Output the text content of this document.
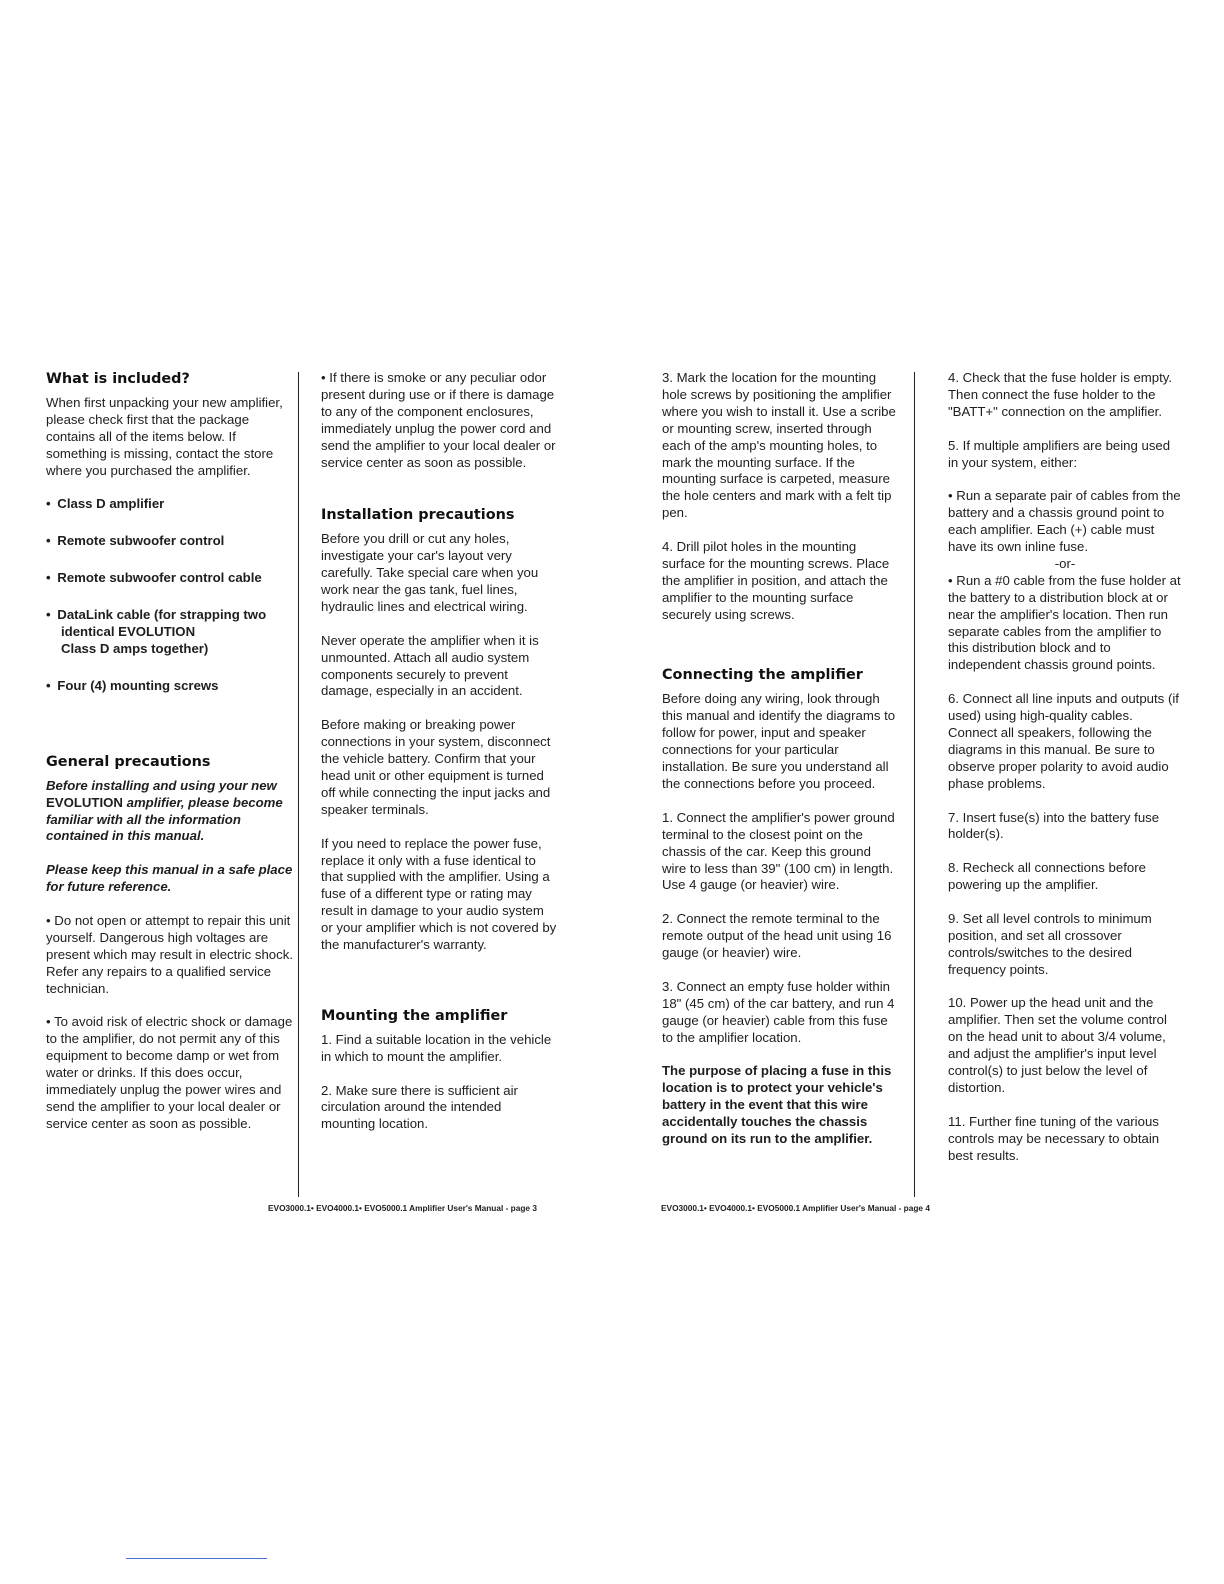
What is included?

When first unpacking your new amplifier, please check first that the package contains all of the items below. If something is missing, contact the store where you purchased the amplifier.

• Class D amplifier
• Remote subwoofer control
• Remote subwoofer control cable
• DataLink cable (for strapping two
identical EVOLUTION
Class D amps together)
• Four (4) mounting screws
General precautions

Before installing and using your new EVOLUTION amplifier, please become familiar with all the information contained in this manual.

Please keep this manual in a safe place for future reference.

• Do not open or attempt to repair this unit yourself. Dangerous high voltages are present which may result in electric shock. Refer any repairs to a qualified service technician.

• To avoid risk of electric shock or damage to the amplifier, do not permit any of this equipment to become damp or wet from water or drinks. If this does occur, immediately unplug the power wires and send the amplifier to your local dealer or service center as soon as possible.

• If there is smoke or any peculiar odor present during use or if there is damage to any of the component enclosures, immediately unplug the power cord and send the amplifier to your local dealer or service center as soon as possible.

Installation precautions

Before you drill or cut any holes, investigate your car's layout very carefully. Take special care when you work near the gas tank, fuel lines, hydraulic lines and electrical wiring.

Never operate the amplifier when it is unmounted. Attach all audio system components securely to prevent damage, especially in an accident.

Before making or breaking power connections in your system, disconnect the vehicle battery. Confirm that your head unit or other equipment is turned off while connecting the input jacks and speaker terminals.

If you need to replace the power fuse, replace it only with a fuse identical to that supplied with the amplifier. Using a fuse of a different type or rating may result in damage to your audio system or your amplifier which is not covered by the manufacturer's warranty.

Mounting the amplifier

1. Find a suitable location in the vehicle in which to mount the amplifier.

2. Make sure there is sufficient air circulation around the intended mounting location.

EVO3000.1• EVO4000.1• EVO5000.1 Amplifier User's Manual - page 3

3. Mark the location for the mounting hole screws by positioning the amplifier where you wish to install it. Use a scribe or mounting screw, inserted through each of the amp's mounting holes, to mark the mounting surface. If the mounting surface is carpeted, measure the hole centers and mark with a felt tip pen.

4. Drill pilot holes in the mounting surface for the mounting screws. Place the amplifier in position, and attach the amplifier to the mounting surface securely using screws.

Connecting the amplifier

Before doing any wiring, look through this manual and identify the diagrams to follow for power, input and speaker connections for your particular installation. Be sure you understand all the connections before you proceed.

1. Connect the amplifier's power ground terminal to the closest point on the chassis of the car. Keep this ground wire to less than 39" (100 cm) in length. Use 4 gauge (or heavier) wire.

2. Connect the remote terminal to the remote output of the head unit using 16 gauge (or heavier) wire.

3. Connect an empty fuse holder within 18" (45 cm) of the car battery, and run 4 gauge (or heavier) cable from this fuse to the amplifier location.

The purpose of placing a fuse in this location is to protect your vehicle's battery in the event that this wire accidentally touches the chassis ground on its run to the amplifier.

4. Check that the fuse holder is empty. Then connect the fuse holder to the "BATT+" connection on the amplifier.

5. If multiple amplifiers are being used in your system, either:

• Run a separate pair of cables from the battery and a chassis ground point to each amplifier. Each (+) cable must have its own inline fuse.

-or-

• Run a #0 cable from the fuse holder at the battery to a distribution block at or near the amplifier's location. Then run separate cables from the amplifier to this distribution block and to independent chassis ground points.

6. Connect all line inputs and outputs (if used) using high-quality cables. Connect all speakers, following the diagrams in this manual. Be sure to observe proper polarity to avoid audio phase problems.

7. Insert fuse(s) into the battery fuse holder(s).

8. Recheck all connections before powering up the amplifier.

9. Set all level controls to minimum position, and set all crossover controls/switches to the desired frequency points.

10. Power up the head unit and the amplifier. Then set the volume control on the head unit to about 3/4 volume, and adjust the amplifier's input level control(s) to just below the level of distortion.

11. Further fine tuning of the various controls may be necessary to obtain best results.

EVO3000.1• EVO4000.1• EVO5000.1 Amplifier User's Manual - page 4
